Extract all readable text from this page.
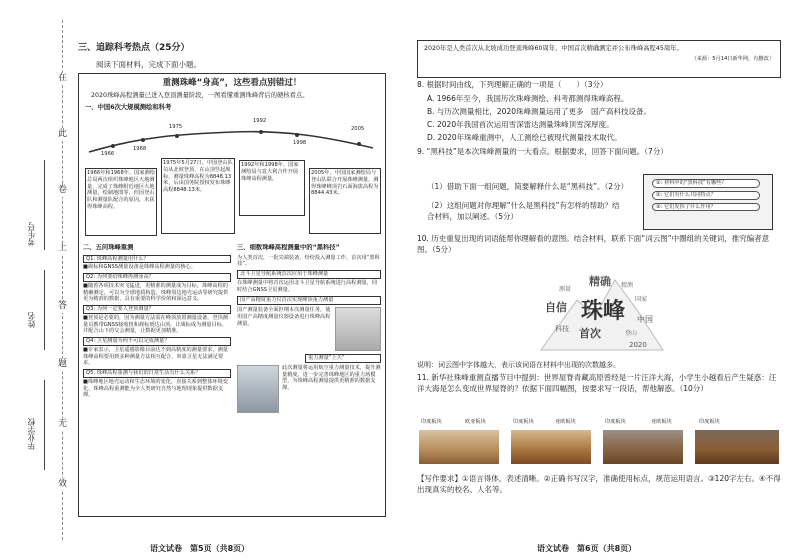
在
此
卷
上
答
题
无
效
考生号
姓名
毕业学校
三、追踪科考热点（25分）
阅读下面材料，完成下面小题。
重测珠峰“身高”，这些看点别错过！
2020珠峰高程测量已进入登顶测量阶段，一图看懂重测珠峰背后的硬核看点。
一、中国6次大规模测绘和科考
1966
1968
1975
1992
1998
2005
1966年和1968年，国家测绘总局两次组织珠峰地区大地测量，完成了珠峰附近地区大地测量，绘制地图等，但因登山队和测量队配合的原因，未获得珠峰高程。
1975年5月27日，中国登山队员从北坡登顶，在山顶竖起觇标，测量珠峰高程为8848.13米，后由国务院授权发布珠峰高程8848.13米。
1992年和1998年，国家测绘局与意大利合作开展珠峰高程测量。
2005年，中国国家测绘局与登山队联合开展珠峰测量，测得珠峰峰顶岩石面海拔高程为8844.43米。
二、五问珠峰重测
Q1: 珠峰高程测量用什么？
■觇标和GNSS测量设备是珠峰高程测量的核心。
Q2: 为何要给珠峰再测身高？
■随着各项技术突飞猛进，更精准的测量成为目标。珠峰高程的精确测定，可以为全球地质构造、珠峰周边地壳运动等研究提供更为精准的数据，具有重要的科学价值和深远意义。
Q3: 为何一定要人登顶测量？
■登顶是必要的，因为测量方法需在峰顶放置测量设备。登顶测量员携带GNSS接收机和觇标到达山顶，让觇标成为测量目标，并配合山下的交会测量，让数据更加精准。
Q4: 卫星测量为何不可以完成测量？
■专家表示，卫星遥感影像目前达不到高精度的测量要求，测量珠峰高程要用到多种测量方法相互配合，单靠卫星无法满足要求。
Q5: 珠峰高程重测与我们的日常生活有什么关系？
■珠峰地区地壳运动和生态环境的变化，直接关系到整体环境变化，珠峰高程重测能为全人类研究自然与地理现象提供数据支撑。
三、细数珠峰高程测量中的“黑科技”
为人类首次，一批尖端装备，纷纷投入测量工作，首次用“黑科技”。
北斗卫星导航系统首次应用于珠峰测量
在珠峰测量中将首次运用北斗卫星导航系统进行高程测量，同时结合GNSS卫星测量。
国产高精度重力仪首次实现峰顶重力测量
国产测量装备全面担纲本次测量任务，使用国产高精度测量仪器设备进行珠峰高程测量。
重力测量“上天”
此次测量将运用航空重力测量技术，提升测量精度，进一步完善珠峰地区的重力场模型，为珠峰高程测量提供更精准的数据支撑。
语文试卷　第5页（共8页）
2020年是人类首次从北坡成功登顶珠峰60周年，中国首次精确测定并公布珠峰高程45周年。
（来源：5月14日新华网，有删改）
8. 根据时间由线，下列理解正确的一项是（　　）（3分）
A. 1966年至今，我国历次珠峰测绘、科考都测得珠峰高程。
B. 与历次测量相比，2020珠峰测量运用了更多　国产高科技设备。
C. 2020年我国首次运用雪深雷达测量珠峰顶雪深厚度。
D. 2020年珠峰重测中，人工测绘已被现代测量技术取代。
9. “黑科技”是本次珠峰测量的一大看点。根据要求，回答下面问题。（7分）
（1）借助下面一组问题，简要解释什么是“黑科技”。（2分）
（2）这组问题对你理解“什么是黑科技”有怎样的帮助？结合材料，加以阐述。（5分）
①: 材料中的“黑科技”有哪些？
②: 它们有什么共同特点？
③: 它们发挥了什么作用？
10. 历史重复出现的词语能帮你理解看的意图。结合材料，联系下面“词云图”中圈组的关键词，推究编者意图。（5分）
珠峰
精确
自信
首次
国家
科技
中国
测量
登山
精测
2020
说明：词云图中字体越大，表示该词语在材料中出现的次数越多。
11. 新华社珠峰重测直播节目中提到：世界屋脊青藏高原曾经是一片汪洋大海，小学生小越看后产生疑惑：汪洋大海是怎么变成世界屋脊的？依据下面四幅图，按要求写一段话，帮他解惑。（10分）
印度板块	欧亚板块	印度板块	亚欧板块	印度板块	亚欧板块	印度板块
【写作要求】①语言得体，表述清晰。②正确书写汉字，准确使用标点，规范运用语言。③120字左右。④不得出现真实的校名、人名等。
语文试卷　第6页（共8页）
